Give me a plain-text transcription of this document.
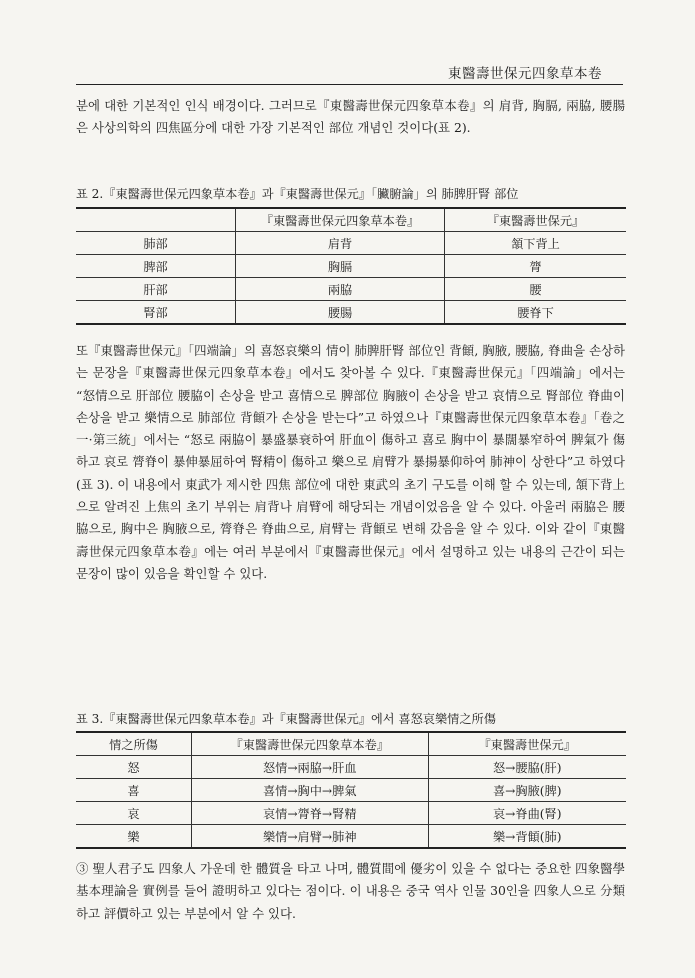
東醫壽世保元四象草本卷

분에 대한 기본적인 인식 배경이다. 그러므로『東醫壽世保元四象草本卷』의 肩背, 胸膈, 兩脇, 腰腸은 사상의학의 四焦區分에 대한 가장 기본적인 部位 개념인 것이다(표 2).

표 2.『東醫壽世保元四象草本卷』과『東醫壽世保元』「臟腑論」의 肺脾肝腎 部位
	『東醫壽世保元四象草本卷』	『東醫壽世保元』
肺部	肩背	頷下背上
脾部	胸膈	膂
肝部	兩脇	腰
腎部	腰腸	腰脊下

또『東醫壽世保元』「四端論」의 喜怒哀樂의 情이 肺脾肝腎 部位인 背顀, 胸腋, 腰脇, 脊曲을 손상하는 문장을『東醫壽世保元四象草本卷』에서도 찾아볼 수 있다.『東醫壽世保元』「四端論」에서는 “怒情으로 肝部位 腰脇이 손상을 받고 喜情으로 脾部位 胸腋이 손상을 받고 哀情으로 腎部位 脊曲이 손상을 받고 樂情으로 肺部位 背顀가 손상을 받는다”고 하였으나『東醫壽世保元四象草本卷』「卷之一·第三統」에서는 “怒로 兩脇이 暴盛暴衰하여 肝血이 傷하고 喜로 胸中이 暴闊暴窄하여 脾氣가 傷하고 哀로 膂脊이 暴伸暴屈하여 腎精이 傷하고 樂으로 肩臂가 暴揚暴仰하여 肺神이 상한다”고 하였다(표 3). 이 내용에서 東武가 제시한 四焦 部位에 대한 東武의 초기 구도를 이해 할 수 있는데, 頷下背上으로 알려진 上焦의 초기 부위는 肩背나 肩臂에 해당되는 개념이었음을 알 수 있다. 아울러 兩脇은 腰脇으로, 胸中은 胸腋으로, 膂脊은 脊曲으로, 肩臂는 背顀로 변해 갔음을 알 수 있다. 이와 같이『東醫壽世保元四象草本卷』에는 여러 부분에서『東醫壽世保元』에서 설명하고 있는 내용의 근간이 되는 문장이 많이 있음을 확인할 수 있다.

표 3.『東醫壽世保元四象草本卷』과『東醫壽世保元』에서 喜怒哀樂情之所傷
情之所傷	『東醫壽世保元四象草本卷』	『東醫壽世保元』
怒	怒情→兩脇→肝血	怒→腰脇(肝)
喜	喜情→胸中→脾氣	喜→胸腋(脾)
哀	哀情→膂脊→腎精	哀→脊曲(腎)
樂	樂情→肩臂→肺神	樂→背顀(肺)

③ 聖人君子도 四象人 가운데 한 體質을 타고 나며, 體質間에 優劣이 있을 수 없다는 중요한 四象醫學 基本理論을 實例를 들어 證明하고 있다는 점이다. 이 내용은 중국 역사 인물 30인을 四象人으로 分類하고 評價하고 있는 부분에서 알 수 있다.
